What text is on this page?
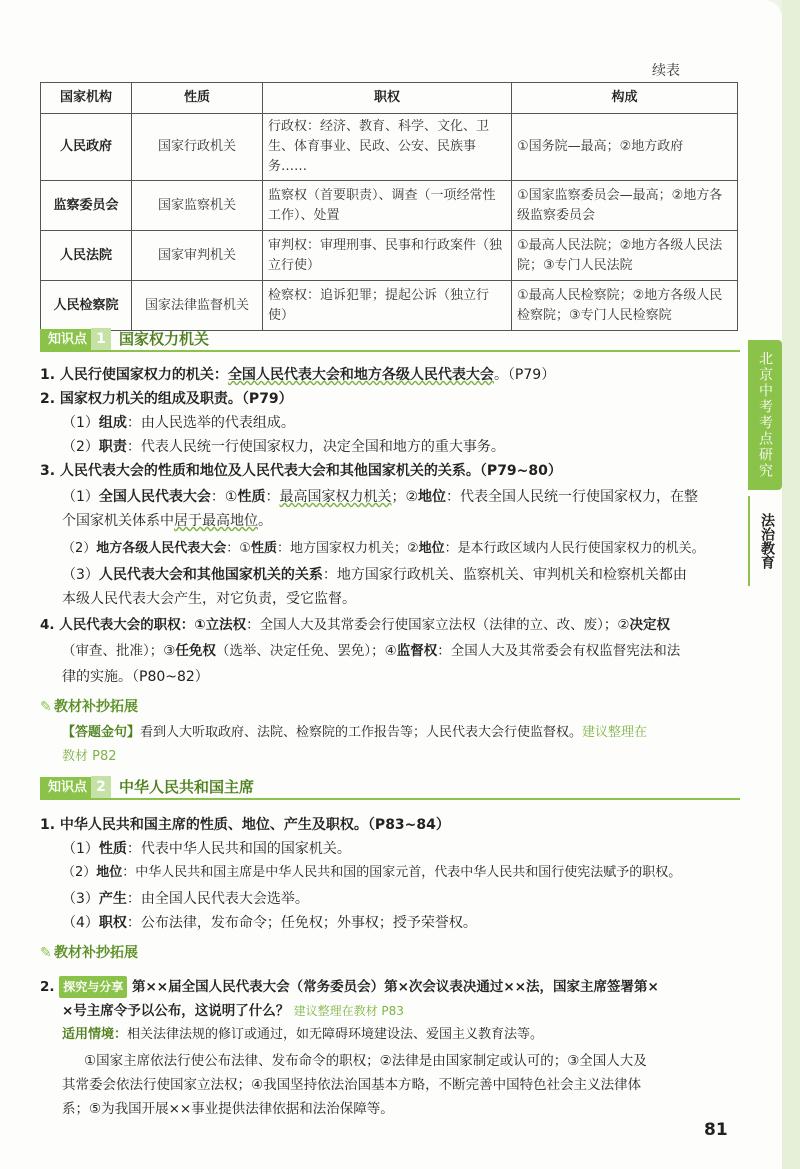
续表
国家机构	性质	职权	构成
人民政府	国家行政机关	行政权：经济、教育、科学、文化、卫生、体育事业、民政、公安、民族事务……	①国务院—最高；②地方政府
监察委员会	国家监察机关	监察权（首要职责）、调查（一项经常性工作）、处置	①国家监察委员会—最高；②地方各级监察委员会
人民法院	国家审判机关	审判权：审理刑事、民事和行政案件（独立行使）	①最高人民法院；②地方各级人民法院；③专门人民法院
人民检察院	国家法律监督机关	检察权：追诉犯罪；提起公诉（独立行使）	①最高人民检察院；②地方各级人民检察院；③专门人民检察院
北京中考考点研究
法治教育
知识点 1 国家权力机关
1. 人民行使国家权力的机关：全国人民代表大会和地方各级人民代表大会。（P79）
2. 国家权力机关的组成及职责。（P79）
（1）组成：由人民选举的代表组成。
（2）职责：代表人民统一行使国家权力，决定全国和地方的重大事务。
3. 人民代表大会的性质和地位及人民代表大会和其他国家机关的关系。（P79~80）
（1）全国人民代表大会：①性质：最高国家权力机关；②地位：代表全国人民统一行使国家权力，在整
个国家机关体系中居于最高地位。
（2）地方各级人民代表大会：①性质：地方国家权力机关；②地位：是本行政区域内人民行使国家权力的机关。
（3）人民代表大会和其他国家机关的关系：地方国家行政机关、监察机关、审判机关和检察机关都由
本级人民代表大会产生，对它负责，受它监督。
4. 人民代表大会的职权：①立法权：全国人大及其常委会行使国家立法权（法律的立、改、废）；②决定权
（审查、批准）；③任免权（选举、决定任免、罢免）；④监督权：全国人大及其常委会有权监督宪法和法
律的实施。（P80~82）
✎ 教材补抄拓展
【答题金句】看到人大听取政府、法院、检察院的工作报告等；人民代表大会行使监督权。建议整理在
教材 P82
知识点 2 中华人民共和国主席
1. 中华人民共和国主席的性质、地位、产生及职权。（P83~84）
（1）性质：代表中华人民共和国的国家机关。
（2）地位：中华人民共和国主席是中华人民共和国的国家元首，代表中华人民共和国行使宪法赋予的职权。
（3）产生：由全国人民代表大会选举。
（4）职权：公布法律，发布命令；任免权；外事权；授予荣誉权。
✎ 教材补抄拓展
2. 探究与分享 第××届全国人民代表大会（常务委员会）第×次会议表决通过××法，国家主席签署第×
×号主席令予以公布，这说明了什么？ 建议整理在教材 P83
适用情境：相关法律法规的修订或通过，如无障碍环境建设法、爱国主义教育法等。
①国家主席依法行使公布法律、发布命令的职权；②法律是由国家制定或认可的；③全国人大及
其常委会依法行使国家立法权；④我国坚持依法治国基本方略，不断完善中国特色社会主义法律体
系；⑤为我国开展××事业提供法律依据和法治保障等。
81
